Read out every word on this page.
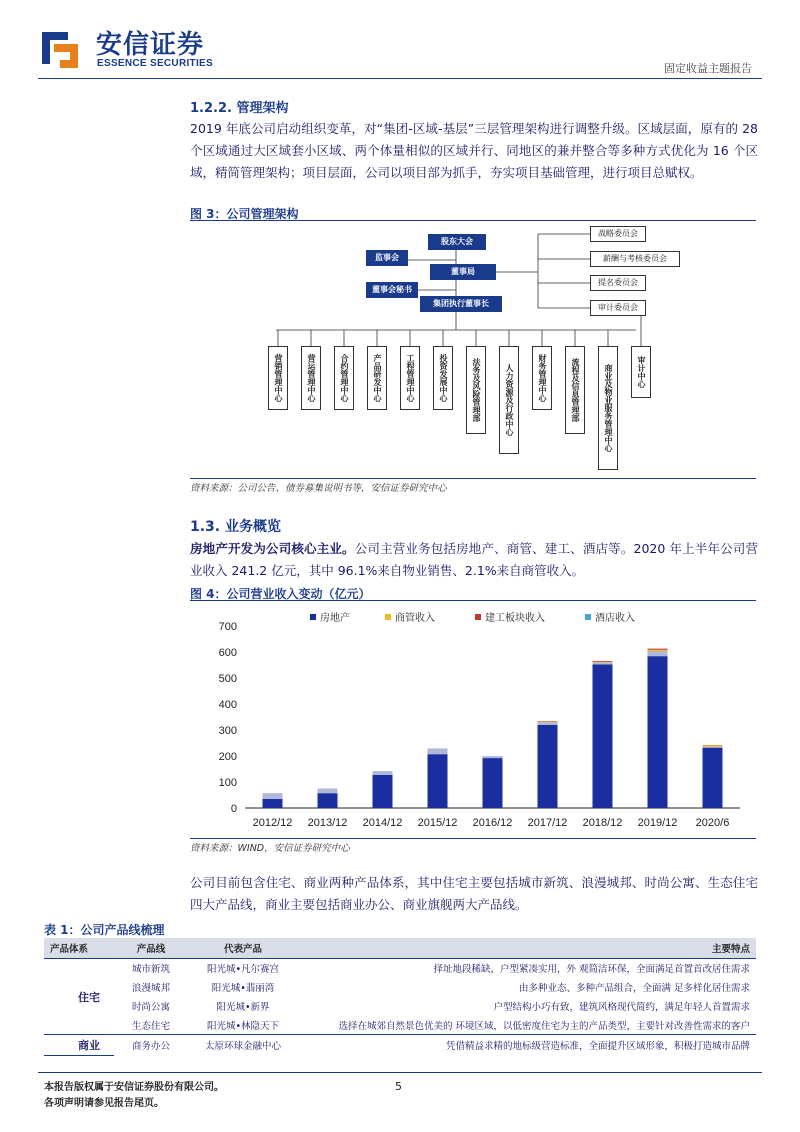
安信证券
ESSENCE SECURITIES	固定收益主题报告
1.2.2. 管理架构
2019 年底公司启动组织变革，对“集团-区域-基层”三层管理架构进行调整升级。区域层面，原有的 28 个区域通过大区域套小区域、两个体量相似的区域并行、同地区的兼并整合等多种方式优化为 16 个区域，精简管理架构；项目层面，公司以项目部为抓手，夯实项目基础管理，进行项目总赋权。
图 3：公司管理架构
股东大会
监事会
董事局
董事会秘书
集团执行董事长
战略委员会
薪酬与考核委员会
提名委员会
审计委员会
营销管理中心	营运管理中心	合约管理中心	产品研发中心	工程管理中心	投资发展中心	法务及风险管理部	人力资源及行政中心	财务管理中心	流程及信息管理部	商业及物业服务管理中心	审计中心
资料来源：公司公告、债券募集说明书等，安信证券研究中心
1.3. 业务概览
房地产开发为公司核心主业。公司主营业务包括房地产、商管、建工、酒店等。2020 年上半年公司营业收入 241.2 亿元，其中 96.1%来自物业销售、2.1%来自商管收入。
图 4：公司营业收入变动（亿元）
0
100
200
300
400
500
600
700
2012/12 2013/12 2014/12 2015/12 2016/12 2017/12 2018/12 2019/12 2020/6
房地产	商管收入	建工板块收入	酒店收入
资料来源：WIND，安信证券研究中心
公司目前包含住宅、商业两种产品体系，其中住宅主要包括城市新筑、浪漫城邦、时尚公寓、生态住宅四大产品线，商业主要包括商业办公、商业旗舰两大产品线。
表 1：公司产品线梳理
产品体系	产品线	代表产品	主要特点
住宅	城市新筑	阳光城•凡尔赛宫	择址地段稀缺，户型紧凑实用，外 观简洁环保，全面满足首置首改居住需求
	浪漫城邦	阳光城•翡丽湾	由多种业态、多种产品组合，全面满 足多样化居住需求
	时尚公寓	阳光城•新界	户型结构小巧有致，建筑风格现代简约，满足年轻人首置需求
	生态住宅	阳光城•林隐天下	选择在城郊自然景色优美的 环境区域，以低密度住宅为主的产品类型，主要针对改善性需求的客户
商业	商务办公	太原环球金融中心	凭借精益求精的地标级营造标准，全面提升区域形象，积极打造城市品牌
本报告版权属于安信证券股份有限公司。
各项声明请参见报告尾页。
5
